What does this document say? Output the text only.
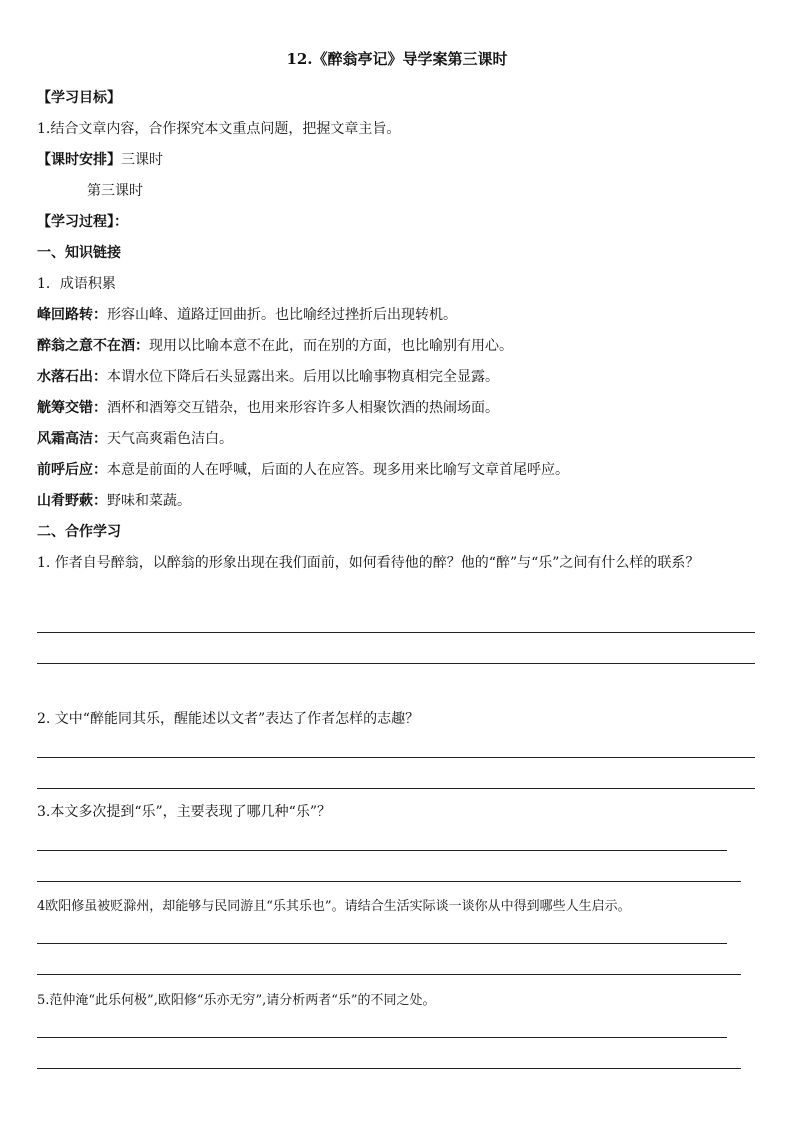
12.《醉翁亭记》导学案第三课时
【学习目标】
1.结合文章内容，合作探究本文重点问题，把握文章主旨。
【课时安排】三课时
第三课时
【学习过程】：
一、知识链接
1．成语积累
峰回路转：形容山峰、道路迂回曲折。也比喻经过挫折后出现转机。
醉翁之意不在酒：现用以比喻本意不在此，而在别的方面，也比喻别有用心。
水落石出：本谓水位下降后石头显露出来。后用以比喻事物真相完全显露。
觥筹交错：酒杯和酒筹交互错杂，也用来形容许多人相聚饮酒的热闹场面。
风霜高洁：天气高爽霜色洁白。
前呼后应：本意是前面的人在呼喊，后面的人在应答。现多用来比喻写文章首尾呼应。
山肴野蔌：野味和菜蔬。
二、合作学习
1. 作者自号醉翁，以醉翁的形象出现在我们面前，如何看待他的醉？他的“醉”与“乐”之间有什么样的联系？
2. 文中“醉能同其乐，醒能述以文者”表达了作者怎样的志趣？
3.本文多次提到“乐”，主要表现了哪几种“乐”？
4欧阳修虽被贬滁州，却能够与民同游且“乐其乐也”。请结合生活实际谈一谈你从中得到哪些人生启示。
5.范仲淹“此乐何极”,欧阳修“乐亦无穷”,请分析两者“乐”的不同之处。
